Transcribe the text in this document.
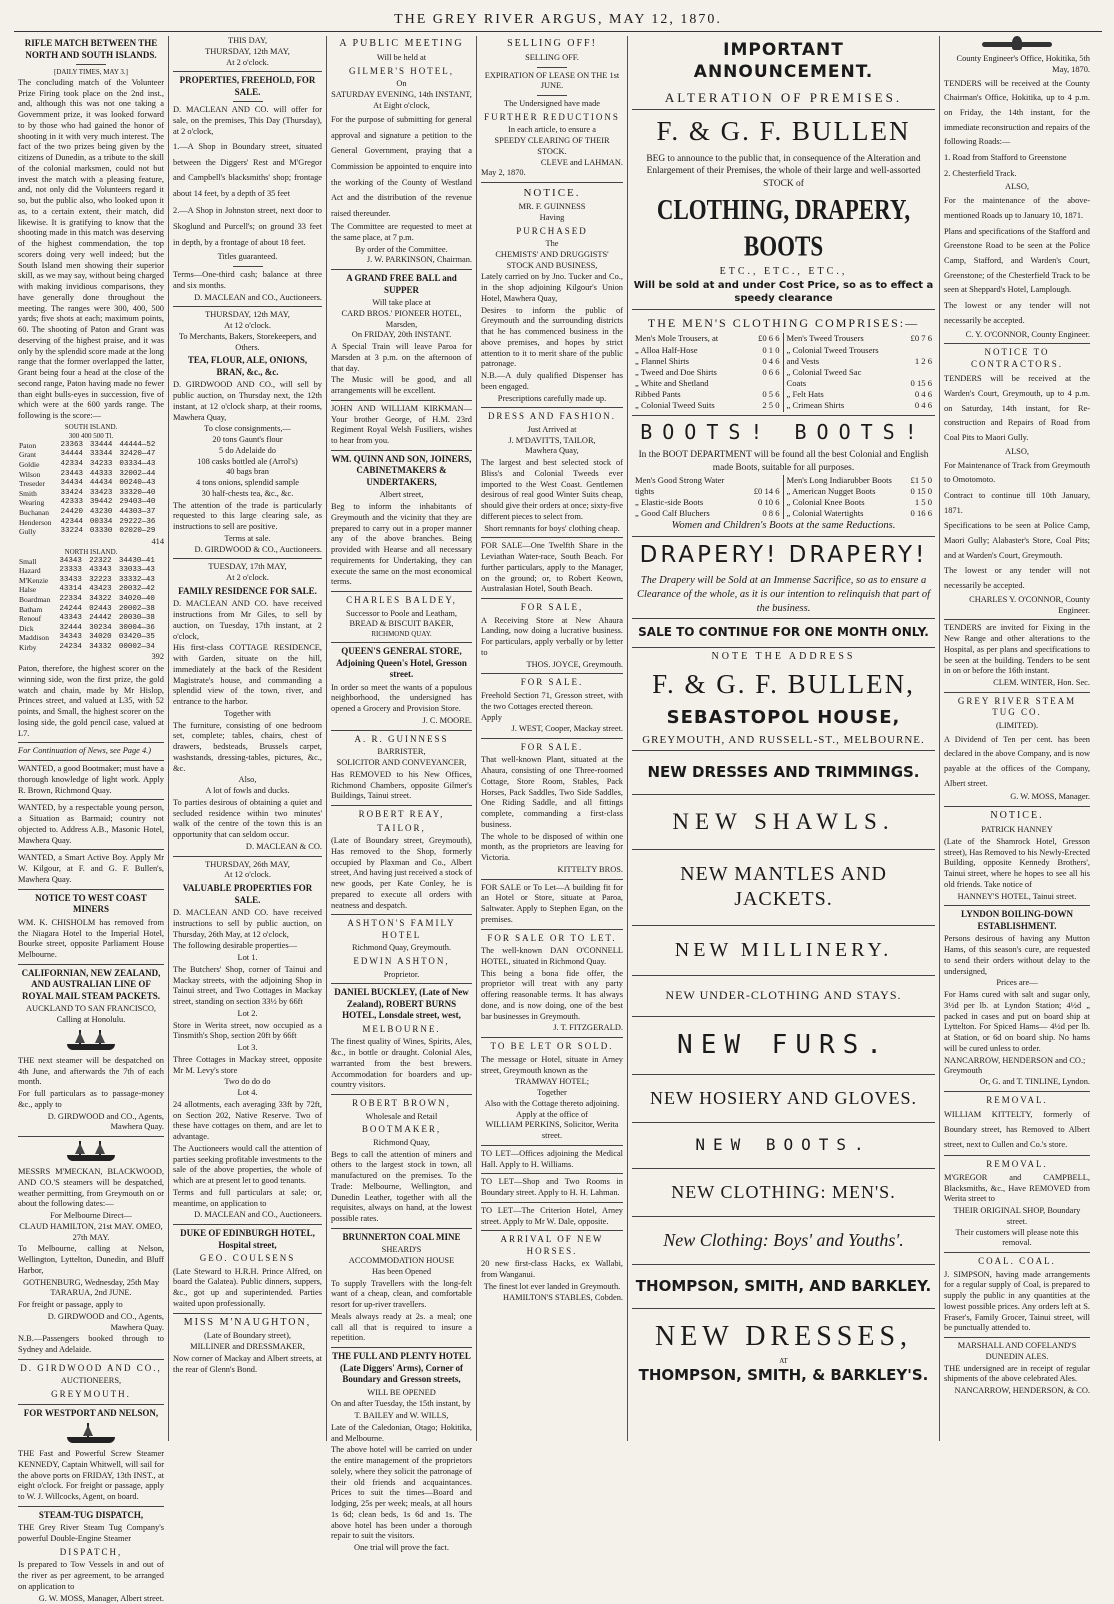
THE GREY RIVER ARGUS, MAY 12, 1870.
RIFLE MATCH BETWEEN THE NORTH AND SOUTH ISLANDS.
[DAILY TIMES, MAY 3.]

The concluding match of the Volunteer Prize Firing took place on the 2nd inst., and, although this was not one taking a Government prize, it was looked forward to by those who had gained the honor of shooting in it with very much interest. The fact of the two prizes being given by the citizens of Dunedin, as a tribute to the skill of the colonial marksmen, could not but invest the match with a pleasing feature, and, not only did the Volunteers regard it so, but the public also, who looked upon it as, to a certain extent, their match, did likewise. It is gratifying to know that the shooting made in this match was deserving of the highest commendation, the top scorers doing very well indeed; but the South Island men showing their superior skill, as we may say, without being charged with making invidious comparisons, they have generally done throughout the meeting. The ranges were 300, 400, 500 yards; five shots at each; maximum points, 60. The shooting of Paton and Grant was deserving of the highest praise, and it was only by the splendid score made at the long range that the former overlapped the latter, Grant being four a head at the close of the second range, Paton having made no fewer than eight bulls-eyes in succession, five of which were at the 600 yards range. The following is the score:—

SOUTH ISLAND.
300 400 500 Tl.
Paton	23363	33444	44444—52
Grant	34444	33344	32420—47
Goldie	42334	34233	03334—43
Wilson	23443	44333	32002—44
Treseder	34434	44434	00240—43
Smith	33424	33423	33320—40
Wearing	42333	39442	29403—40
Buchanan	24420	43230	44303—37
Henderson	42344	00334	29222—36
Gully	33224	03330	02020—29
414
NORTH ISLAND.
Small	34343	22322	34430—41
Hazard	23333	43343	33033—43
M'Kenzie	33433	32223	33332—43
Halse	43314	43423	20032—42
Boardman	22334	34322	34020—40
Batham	24244	02443	20002—38
Renouf	43343	24442	20030—38
Dick	32444	30234	30004—36
Maddison	34343	34020	03420—35
Kirby	24234	34332	00002—34
392

Paton, therefore, the highest scorer on the winning side, won the first prize, the gold watch and chain, made by Mr Hislop, Princes street, and valued at L35, with 52 points, and Small, the highest scorer on the losing side, the gold pencil case, valued at L7.

For Continuation of News, see Page 4.)

WANTED, a good Bootmaker; must have a thorough knowledge of light work. Apply R. Brown, Richmond Quay.

WANTED, by a respectable young person, a Situation as Barmaid; country not objected to. Address A.B., Masonic Hotel, Mawhera Quay.

WANTED, a Smart Active Boy. Apply Mr W. Kilgour, at F. and G. F. Bullen's, Mawhera Quay.

NOTICE TO WEST COAST MINERS

WM. K. CHISHOLM has removed from the Niagara Hotel to the Imperial Hotel, Bourke street, opposite Parliament House Melbourne.

CALIFORNIAN, NEW ZEALAND, AND AUSTRALIAN LINE OF ROYAL MAIL STEAM PACKETS.
AUCKLAND TO SAN FRANCISCO, Calling at Honolulu.

THE next steamer will be despatched on 4th June, and afterwards the 7th of each month.

For full particulars as to passage-money &c., apply to

D. GIRDWOOD and CO., Agents, Mawhera Quay.

MESSRS M'MECKAN, BLACKWOOD, AND CO.'S steamers will be despatched, weather permitting, from Greymouth on or about the following dates:—

For Melbourne Direct—
CLAUD HAMILTON, 21st MAY. OMEO, 27th MAY.

To Melbourne, calling at Nelson, Wellington, Lyttelton, Dunedin, and Bluff Harbor,

GOTHENBURG, Wednesday, 25th May TARARUA, 2nd JUNE.

For freight or passage, apply to

D. GIRDWOOD and CO., Agents, Mawhera Quay.

N.B.—Passengers booked through to Sydney and Adelaide.

D. GIRDWOOD AND CO.,
AUCTIONEERS,
GREYMOUTH.
FOR WESTPORT AND NELSON,

THE Fast and Powerful Screw Steamer KENNEDY, Captain Whitwell, will sail for the above ports on FRIDAY, 13th INST., at eight o'clock. For freight or passage, apply to W. J. Willcocks, Agent, on board.

STEAM-TUG DISPATCH,

THE Grey River Steam Tug Company's powerful Double-Engine Steamer

DISPATCH,

Is prepared to Tow Vessels in and out of the river as per agreement, to be arranged on application to

G. W. MOSS, Manager, Albert street.
THIS DAY,
THURSDAY, 12th MAY,
At 2 o'clock.
PROPERTIES, FREEHOLD, FOR SALE.

D. MACLEAN AND CO. will offer for sale, on the premises, This Day (Thursday), at 2 o'clock,

1.—A Shop in Boundary street, situated between the Diggers' Rest and M'Gregor and Campbell's blacksmiths' shop; frontage about 14 feet, by a depth of 35 feet

2.—A Shop in Johnston street, next door to Skoglund and Purcell's; on ground 33 feet in depth, by a frontage of about 18 feet.

Titles guaranteed.

Terms—One-third cash; balance at three and six months.

D. MACLEAN and CO., Auctioneers.
THURSDAY, 12th MAY,
At 12 o'clock.
To Merchants, Bakers, Storekeepers, and Others.
TEA, FLOUR, ALE, ONIONS, BRAN, &c., &c.

D. GIRDWOOD AND CO., will sell by public auction, on Thursday next, the 12th instant, at 12 o'clock sharp, at their rooms, Mawhera Quay,

To close consignments,—
20 tons Gaunt's flour
5 do Adelaide do
108 casks bottled ale (Arrol's)
40 bags bran
4 tons onions, splendid sample
30 half-chests tea, &c., &c.

The attention of the trade is particularly requested to this large clearing sale, as instructions to sell are positive.

Terms at sale.
D. GIRDWOOD & CO., Auctioneers.
TUESDAY, 17th MAY,
At 2 o'clock.
FAMILY RESIDENCE FOR SALE.

D. MACLEAN AND CO. have received instructions from Mr Giles, to sell by auction, on Tuesday, 17th instant, at 2 o'clock,

His first-class COTTAGE RESIDENCE, with Garden, situate on the hill, immediately at the back of the Resident Magistrate's house, and commanding a splendid view of the town, river, and entrance to the harbor.

Together with

The furniture, consisting of one bedroom set, complete; tables, chairs, chest of drawers, bedsteads, Brussels carpet, washstands, dressing-tables, pictures, &c., &c.

Also,
A lot of fowls and ducks.

To parties desirous of obtaining a quiet and secluded residence within two minutes' walk of the centre of the town this is an opportunity that can seldom occur.

D. MACLEAN & CO.
THURSDAY, 26th MAY,
At 12 o'clock.
VALUABLE PROPERTIES FOR SALE.

D. MACLEAN AND CO. have received instructions to sell by public auction, on Thursday, 26th May, at 12 o'clock,

The following desirable properties—

Lot 1.

The Butchers' Shop, corner of Tainui and Mackay streets, with the adjoining Shop in Tainui street, and Two Cottages in Mackay street, standing on section 33½ by 66ft

Lot 2.

Store in Werita street, now occupied as a Tinsmith's Shop, section 20ft by 66ft

Lot 3.

Three Cottages in Mackay street, opposite Mr M. Levy's store

Two do do do
Lot 4.

24 allotments, each averaging 33ft by 72ft, on Section 202, Native Reserve. Two of these have cottages on them, and are let to advantage.

The Auctioneers would call the attention of parties seeking profitable investments to the sale of the above properties, the whole of which are at present let to good tenants.

Terms and full particulars at sale; or, meantime, on application to

D. MACLEAN and CO., Auctioneers.
DUKE OF EDINBURGH HOTEL, Hospital street,
GEO. COULSENS

(Late Steward to H.R.H. Prince Alfred, on board the Galatea). Public dinners, suppers, &c., got up and superintended. Parties waited upon professionally.

MISS M'NAUGHTON,
(Late of Boundary street),
MILLINER and DRESSMAKER,

Now corner of Mackay and Albert streets, at the rear of Glenn's Bond.

A PUBLIC MEETING
Will be held at
GILMER'S HOTEL,
On
SATURDAY EVENING, 14th INSTANT,
At Eight o'clock,

For the purpose of submitting for general approval and signature a petition to the General Government, praying that a Commission be appointed to enquire into the working of the County of Westland Act and the distribution of the revenue raised thereunder.

The Committee are requested to meet at the same place, at 7 p.m.

By order of the Committee.
J. W. PARKINSON, Chairman.
A GRAND FREE BALL and SUPPER
Will take place at
CARD BROS.' PIONEER HOTEL,
Marsden,
On FRIDAY, 20th INSTANT.

A Special Train will leave Paroa for Marsden at 3 p.m. on the afternoon of that day.

The Music will be good, and all arrangements will be excellent.

JOHN AND WILLIAM KIRKMAN— Your brother George, of H.M. 23rd Regiment Royal Welsh Fusiliers, wishes to hear from you.

WM. QUINN AND SON, JOINERS, CABINETMAKERS & UNDERTAKERS,
Albert street,

Beg to inform the inhabitants of Greymouth and the vicinity that they are prepared to carry out in a proper manner any of the above branches. Being provided with Hearse and all necessary requirements for Undertaking, they can execute the same on the most economical terms.

CHARLES BALDEY,
Successor to Poole and Leatham,
BREAD & BISCUIT BAKER,
RICHMOND QUAY.
QUEEN'S GENERAL STORE, Adjoining Queen's Hotel, Gresson street.

In order so meet the wants of a populous neighborhood, the undersigned has opened a Grocery and Provision Store.

J. C. MOORE.
A. R. GUINNESS
BARRISTER,
SOLICITOR AND CONVEYANCER,

Has REMOVED to his New Offices, Richmond Chambers, opposite Gilmer's Buildings, Tainui street.

ROBERT REAY,
TAILOR,

(Late of Boundary street, Greymouth), Has removed to the Shop, formerly occupied by Plaxman and Co., Albert street, And having just received a stock of new goods, per Kate Conley, he is prepared to execute all orders with neatness and despatch.

ASHTON'S FAMILY HOTEL
Richmond Quay, Greymouth.
EDWIN ASHTON,
Proprietor.
DANIEL BUCKLEY, (Late of New Zealand), ROBERT BURNS HOTEL, Lonsdale street, west,
MELBOURNE.

The finest quality of Wines, Spirits, Ales, &c., in bottle or draught. Colonial Ales, warranted from the best brewers. Accommodation for boarders and up-country visitors.

ROBERT BROWN,
Wholesale and Retail
BOOTMAKER,
Richmond Quay,

Begs to call the attention of miners and others to the largest stock in town, all manufactured on the premises. To the Trade: Melbourne, Wellington, and Dunedin Leather, together with all the requisites, always on hand, at the lowest possible rates.

BRUNNERTON COAL MINE
SHEARD'S
ACCOMMODATION HOUSE
Has been Opened

To supply Travellers with the long-felt want of a cheap, clean, and comfortable resort for up-river travellers.

Meals always ready at 2s. a meal; one call all that is required to insure a repetition.

THE FULL AND PLENTY HOTEL (Late Diggers' Arms), Corner of Boundary and Gresson streets,
WILL BE OPENED

On and after Tuesday, the 15th instant, by

T. BAILEY and W. WILLS,

Late of the Caledonian, Otago; Hokitika, and Melbourne.

The above hotel will be carried on under the entire management of the proprietors solely, where they solicit the patronage of their old friends and acquaintances. Prices to suit the times—Board and lodging, 25s per week; meals, at all hours 1s 6d; clean beds, 1s 6d and 1s. The above hotel has been under a thorough repair to suit the visitors.

One trial will prove the fact.
SELLING OFF!
SELLING OFF.
EXPIRATION OF LEASE ON THE 1st JUNE.
The Undersigned have made
FURTHER REDUCTIONS
In each article, to ensure a
SPEEDY CLEARING OF THEIR STOCK.
CLEVE and LAHMAN.
May 2, 1870.
NOTICE.
MR. F. GUINNESS
Having
PURCHASED
The
CHEMISTS' AND DRUGGISTS' STOCK AND BUSINESS,

Lately carried on by Jno. Tucker and Co., in the shop adjoining Kilgour's Union Hotel, Mawhera Quay,

Desires to inform the public of Greymouth and the surrounding districts that he has commenced business in the above premises, and hopes by strict attention to it to merit share of the public patronage.

N.B.—A duly qualified Dispenser has been engaged.

Prescriptions carefully made up.
DRESS AND FASHION.
Just Arrived at
J. M'DAVITTS, TAILOR,
Mawhera Quay,

The largest and best selected stock of Bliss's and Colonial Tweeds ever imported to the West Coast. Gentlemen desirous of real good Winter Suits cheap, should give their orders at once; sixty-five different pieces to select from.

Short remnants for boys' clothing cheap.

FOR SALE—One Twelfth Share in the Leviathan Water-race, South Beach. For further particulars, apply to the Manager, on the ground; or, to Robert Keown, Australasian Hotel, South Beach.

FOR SALE,

A Receiving Store at New Ahaura Landing, now doing a lucrative business. For particulars, apply verbally or by letter to

THOS. JOYCE, Greymouth.
FOR SALE.

Freehold Section 71, Gresson street, with the two Cottages erected thereon.

Apply
J. WEST, Cooper, Mackay street.
FOR SALE.

That well-known Plant, situated at the Ahaura, consisting of one Three-roomed Cottage, Store Room, Stables, Pack Horses, Pack Saddles, Two Side Saddles, One Riding Saddle, and all fittings complete, commanding a first-class business.

The whole to be disposed of within one month, as the proprietors are leaving for Victoria.

KITTELTY BROS.

FOR SALE or To Let—A building fit for an Hotel or Store, situate at Paroa, Saltwater. Apply to Stephen Egan, on the premises.

FOR SALE OR TO LET.

The well-known DAN O'CONNELL HOTEL, situated in Richmond Quay.

This being a bona fide offer, the proprietor will treat with any party offering reasonable terms. It has always done, and is now doing, one of the best bar businesses in Greymouth.

J. T. FITZGERALD.
TO BE LET OR SOLD.

The message or Hotel, situate in Arney street, Greymouth known as the

TRAMWAY HOTEL;
Together
Also with the Cottage thereto adjoining.
Apply at the office of
WILLIAM PERKINS, Solicitor, Werita street.

TO LET—Offices adjoining the Medical Hall. Apply to H. Williams.

TO LET—Shop and Two Rooms in Boundary street. Apply to H. H. Lahman.

TO LET—The Criterion Hotel, Arney street. Apply to Mr W. Dale, opposite.

ARRIVAL OF NEW HORSES.

20 new first-class Hacks, ex Wallabi, from Wanganui.

The finest lot ever landed in Greymouth.
HAMILTON'S STABLES, Cobden.
IMPORTANT ANNOUNCEMENT.
ALTERATION OF PREMISES.
F. & G. F. BULLEN
BEG to announce to the public that, in consequence of the Alteration and Enlargement of their Premises, the whole of their large and well-assorted STOCK of
CLOTHING, DRAPERY, BOOTS
ETC., ETC., ETC.,
Will be sold at and under Cost Price, so as to effect a speedy clearance
THE MEN'S CLOTHING COMPRISES:—
Men's Mole Trousers, at	£0 6 6
„ Alloa Half-Hose	0 1 0
„ Flannel Shirts	0 4 6
„ Tweed and Doe Shirts	0 6 6
„ White and Shetland
Ribbed Pants	0 5 6
„ Colonial Tweed Suits	2 5 0
Men's Tweed Trousers	£0 7 6
„ Colonial Tweed Trousers
and Vests	1 2 6
„ Colonial Tweed Sac
Coats	0 15 6
„ Felt Hats	0 4 6
„ Crimean Shirts	0 4 6
BOOTS! BOOTS!
In the BOOT DEPARTMENT will be found all the best Colonial and English made Boots, suitable for all purposes.
Men's Good Strong Water
tights	£0 14 6
„ Elastic-side Boots	0 10 6
„ Good Calf Bluchers	0 8 6
Men's Long Indiarubber Boots £1 5 0
„ American Nugget Boots	0 15 0
„ Colonial Knee Boots	1 5 0
„ Colonial Watertights	0 16 6
Women and Children's Boots at the same Reductions.
DRAPERY! DRAPERY!
The Drapery will be Sold at an Immense Sacrifice, so as to ensure a Clearance of the whole, as it is our intention to relinquish that part of the business.
SALE TO CONTINUE FOR ONE MONTH ONLY.
NOTE THE ADDRESS
F. & G. F. BULLEN,
SEBASTOPOL HOUSE,
GREYMOUTH, AND RUSSELL-ST., MELBOURNE.
NEW DRESSES AND TRIMMINGS.
NEW SHAWLS.
NEW MANTLES AND JACKETS.
NEW MILLINERY.
NEW UNDER-CLOTHING AND STAYS.
NEW FURS.
NEW HOSIERY AND GLOVES.
NEW BOOTS.
NEW CLOTHING: MEN'S.
New Clothing: Boys' and Youths'.
THOMPSON, SMITH, AND BARKLEY.
NEW DRESSES,
AT
THOMPSON, SMITH, & BARKLEY'S.
County Engineer's Office, Hokitika, 5th May, 1870.

TENDERS will be received at the County Chairman's Office, Hokitika, up to 4 p.m. on Friday, the 14th instant, for the immediate reconstruction and repairs of the following Roads:—

1. Road from Stafford to Greenstone

2. Chesterfield Track.

ALSO,

For the maintenance of the above-mentioned Roads up to January 10, 1871.

Plans and specifications of the Stafford and Greenstone Road to be seen at the Police Camp, Stafford, and Warden's Court, Greenstone; of the Chesterfield Track to be seen at Sheppard's Hotel, Lamplough.

The lowest or any tender will not necessarily be accepted.

C. Y. O'CONNOR, County Engineer.
NOTICE TO CONTRACTORS.

TENDERS will be received at the Warden's Court, Greymouth, up to 4 p.m. on Saturday, 14th instant, for Re-construction and Repairs of Road from Coal Pits to Maori Gully.

ALSO,

For Maintenance of Track from Greymouth to Omotomoto.

Contract to continue till 10th January, 1871.

Specifications to be seen at Police Camp, Maori Gully; Alabaster's Store, Coal Pits; and at Warden's Court, Greymouth.

The lowest or any tender will not necessarily be accepted.

CHARLES Y. O'CONNOR, County Engineer.

TENDERS are invited for Fixing in the New Range and other alterations to the Hospital, as per plans and specifications to be seen at the building. Tenders to be sent in on or before the 16th instant.

CLEM. WINTER, Hon. Sec.
GREY RIVER STEAM TUG CO.
(LIMITED).

A Dividend of Ten per cent. has been declared in the above Company, and is now payable at the offices of the Company, Albert street.

G. W. MOSS, Manager.
NOTICE.
PATRICK HANNEY

(Late of the Shamrock Hotel, Gresson street), Has Removed to his Newly-Erected Building, opposite Kennedy Brothers', Tainui street, where he hopes to see all his old friends. Take notice of

HANNEY'S HOTEL, Tainui street.
LYNDON BOILING-DOWN ESTABLISHMENT.

Persons desirous of having any Mutton Hams, of this season's cure, are requested to send their orders without delay to the undersigned,

Prices are—

For Hams cured with salt and sugar only, 3½d per lb. at Lyndon Station; 4½d „ packed in cases and put on board ship at Lyttelton. For Spiced Hams— 4½d per lb. at Station, or 6d on board ship. No hams will be cured unless to order.

NANCARROW, HENDERSON and CO.; Greymouth
Or, G. and T. TINLINE, Lyndon.
REMOVAL.

WILLIAM KITTELTY, formerly of Boundary street, has Removed to Albert street, next to Cullen and Co.'s store.

REMOVAL.

M'GREGOR and CAMPBELL, Blacksmiths, &c., Have REMOVED from Werita street to

THEIR ORIGINAL SHOP, Boundary street.
Their customers will please note this removal.
COAL. COAL.

J. SIMPSON, having made arrangements for a regular supply of Coal, is prepared to supply the public in any quantities at the lowest possible prices. Any orders left at S. Fraser's, Family Grocer, Tainui street, will be punctually attended to.

MARSHALL AND COFELAND'S DUNEDIN ALES.

THE undersigned are in receipt of regular shipments of the above celebrated Ales.

NANCARROW, HENDERSON, & CO.
